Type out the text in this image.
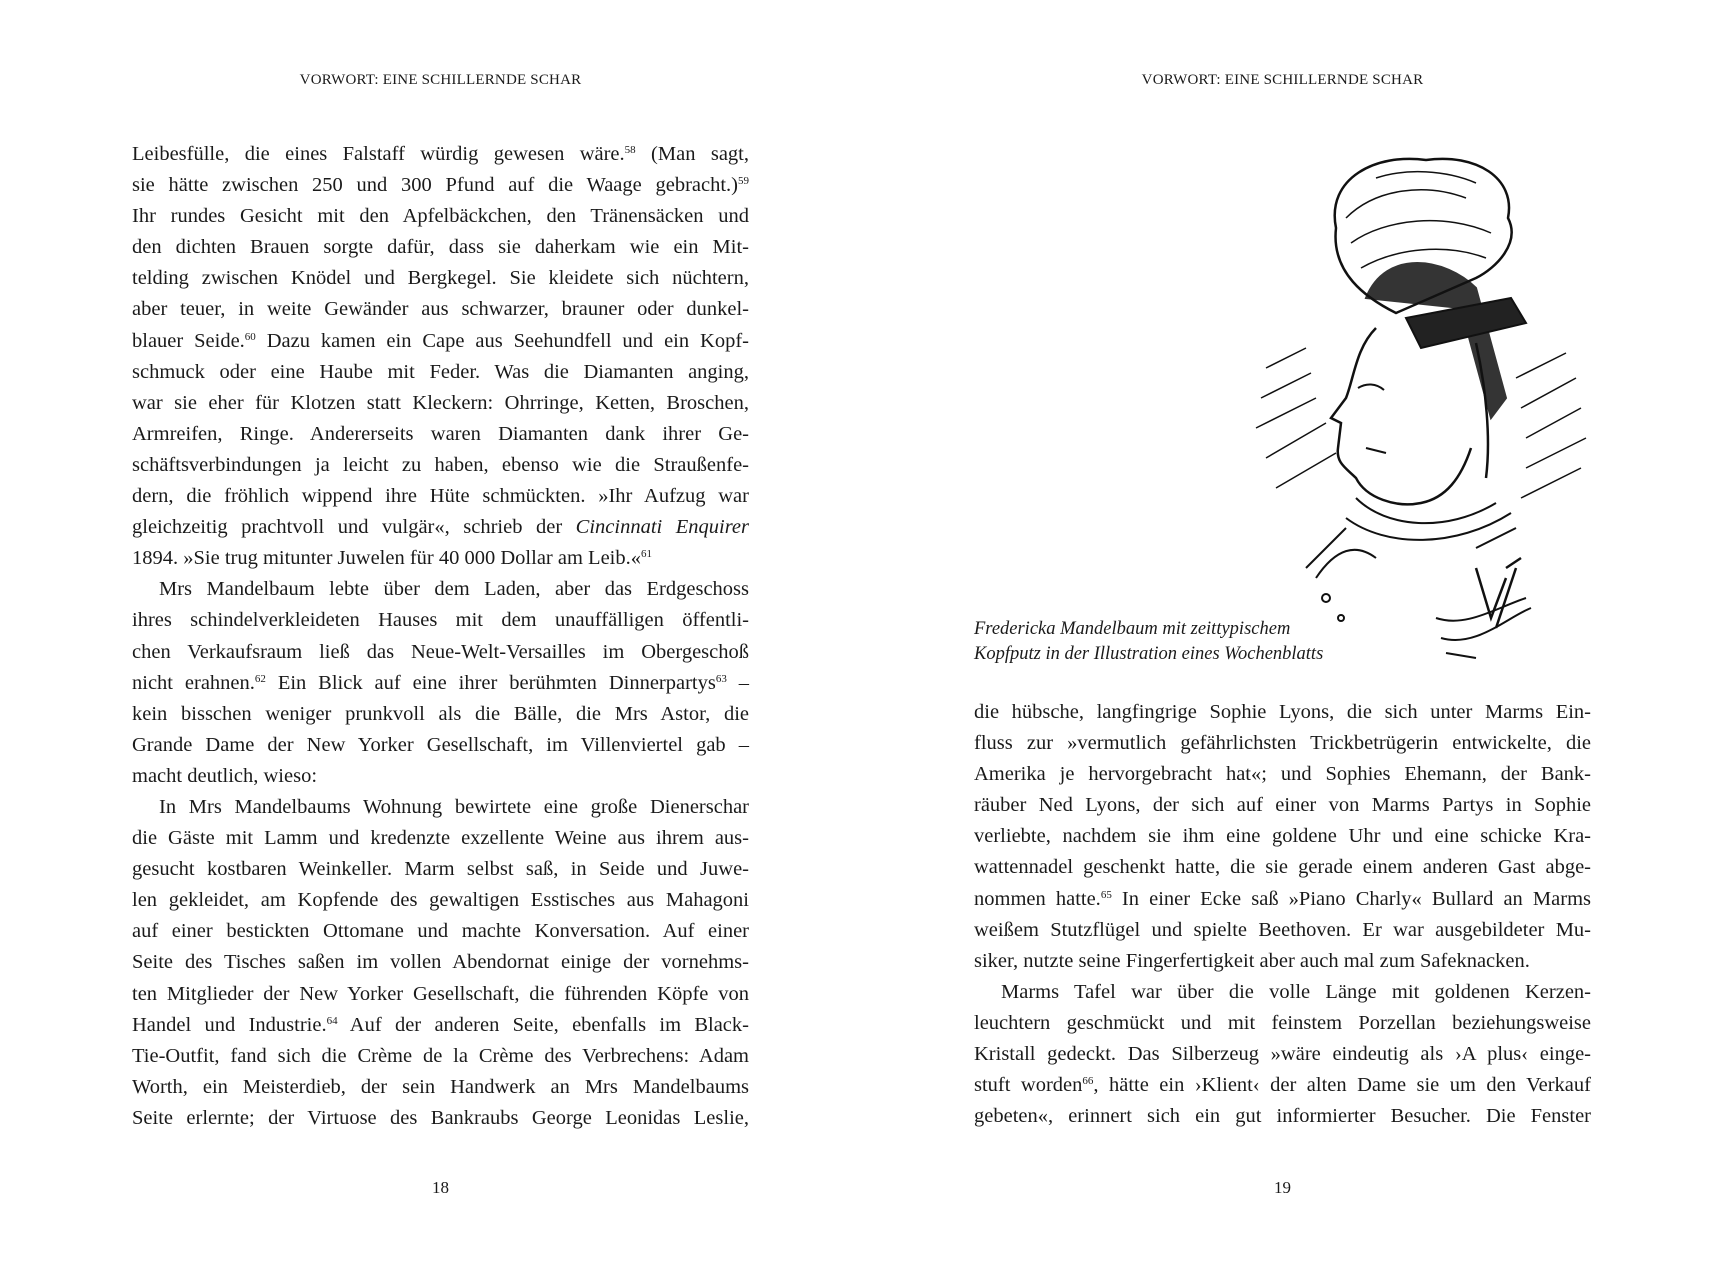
VORWORT: EINE SCHILLERNDE SCHAR
Leibesfülle, die eines Falstaff würdig gewesen wäre.$^{58}$ (Man sagt,
sie hätte zwischen 250 und 300 Pfund auf die Waage gebracht.)$^{59}$
Ihr rundes Gesicht mit den Apfelbäckchen, den Tränensäcken und
den dichten Brauen sorgte dafür, dass sie daherkam wie ein Mit-
telding zwischen Knödel und Bergkegel. Sie kleidete sich nüchtern,
aber teuer, in weite Gewänder aus schwarzer, brauner oder dunkel-
blauer Seide.$^{60}$ Dazu kamen ein Cape aus Seehundfell und ein Kopf-
schmuck oder eine Haube mit Feder. Was die Diamanten anging,
war sie eher für Klotzen statt Kleckern: Ohrringe, Ketten, Broschen,
Armreifen, Ringe. Andererseits waren Diamanten dank ihrer Ge-
schäftsverbindungen ja leicht zu haben, ebenso wie die Straußenfe-
dern, die fröhlich wippend ihre Hüte schmückten. »Ihr Aufzug war
gleichzeitig prachtvoll und vulgär«, schrieb der Cincinnati Enquirer
1894. »Sie trug mitunter Juwelen für 40 000 Dollar am Leib.«$^{61}$
Mrs Mandelbaum lebte über dem Laden, aber das Erdgeschoss
ihres schindelverkleideten Hauses mit dem unauffälligen öffentli-
chen Verkaufsraum ließ das Neue-Welt-Versailles im Obergeschoß
nicht erahnen.$^{62}$ Ein Blick auf eine ihrer berühmten Dinnerpartys$^{63}$ –
kein bisschen weniger prunkvoll als die Bälle, die Mrs Astor, die
Grande Dame der New Yorker Gesellschaft, im Villenviertel gab –
macht deutlich, wieso:
In Mrs Mandelbaums Wohnung bewirtete eine große Dienerschar
die Gäste mit Lamm und kredenzte exzellente Weine aus ihrem aus-
gesucht kostbaren Weinkeller. Marm selbst saß, in Seide und Juwe-
len gekleidet, am Kopfende des gewaltigen Esstisches aus Mahagoni
auf einer bestickten Ottomane und machte Konversation. Auf einer
Seite des Tisches saßen im vollen Abendornat einige der vornehms-
ten Mitglieder der New Yorker Gesellschaft, die führenden Köpfe von
Handel und Industrie.$^{64}$ Auf der anderen Seite, ebenfalls im Black-
Tie-Outfit, fand sich die Crème de la Crème des Verbrechens: Adam
Worth, ein Meisterdieb, der sein Handwerk an Mrs Mandelbaums
Seite erlernte; der Virtuose des Bankraubs George Leonidas Leslie,
18
VORWORT: EINE SCHILLERNDE SCHAR
Fredericka Mandelbaum mit zeittypischem
Kopfputz in der Illustration eines Wochenblatts
die hübsche, langfingrige Sophie Lyons, die sich unter Marms Ein-
fluss zur »vermutlich gefährlichsten Trickbetrügerin entwickelte, die
Amerika je hervorgebracht hat«; und Sophies Ehemann, der Bank-
räuber Ned Lyons, der sich auf einer von Marms Partys in Sophie
verliebte, nachdem sie ihm eine goldene Uhr und eine schicke Kra-
wattennadel geschenkt hatte, die sie gerade einem anderen Gast abge-
nommen hatte.$^{65}$ In einer Ecke saß »Piano Charly« Bullard an Marms
weißem Stutzflügel und spielte Beethoven. Er war ausgebildeter Mu-
siker, nutzte seine Fingerfertigkeit aber auch mal zum Safeknacken.
Marms Tafel war über die volle Länge mit goldenen Kerzen-
leuchtern geschmückt und mit feinstem Porzellan beziehungsweise
Kristall gedeckt. Das Silberzeug »wäre eindeutig als ›A plus‹ einge-
stuft worden$^{66}$, hätte ein ›Klient‹ der alten Dame sie um den Verkauf
gebeten«, erinnert sich ein gut informierter Besucher. Die Fenster
19
